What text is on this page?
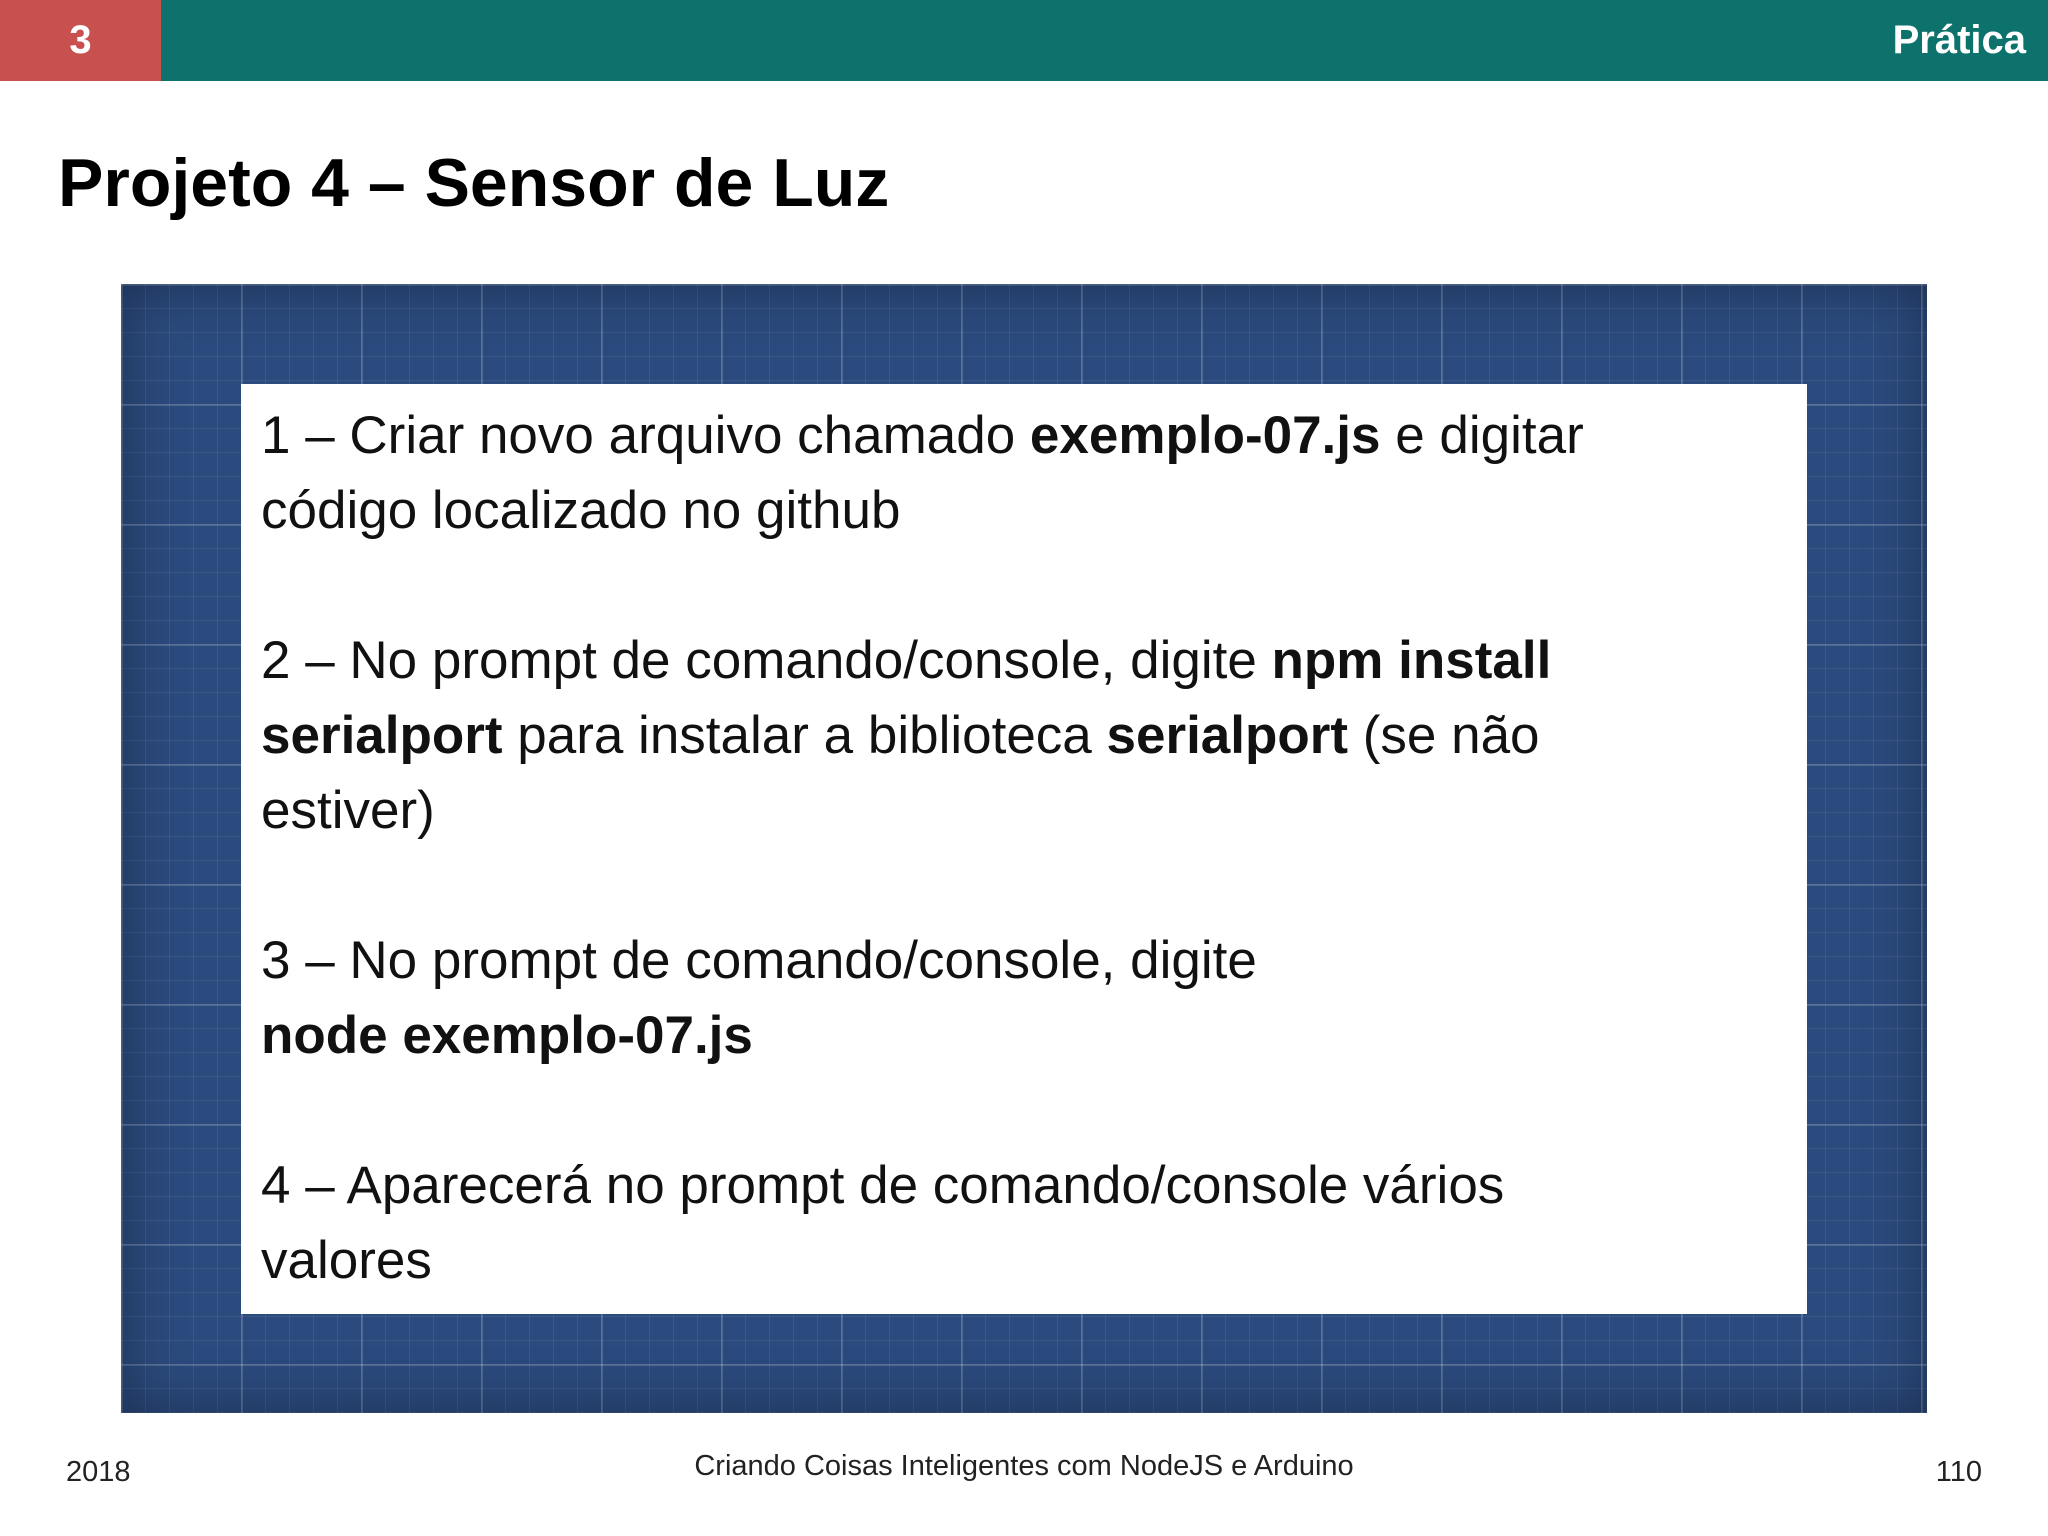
3	Prática
Projeto 4 – Sensor de Luz

1 – Criar novo arquivo chamado exemplo-07.js e digitar
código localizado no github

2 – No prompt de comando/console, digite npm install
serialport para instalar a biblioteca serialport (se não
estiver)

3 – No prompt de comando/console, digite
node exemplo-07.js

4 – Aparecerá no prompt de comando/console vários
valores

2018	Criando Coisas Inteligentes com NodeJS e Arduino	110
